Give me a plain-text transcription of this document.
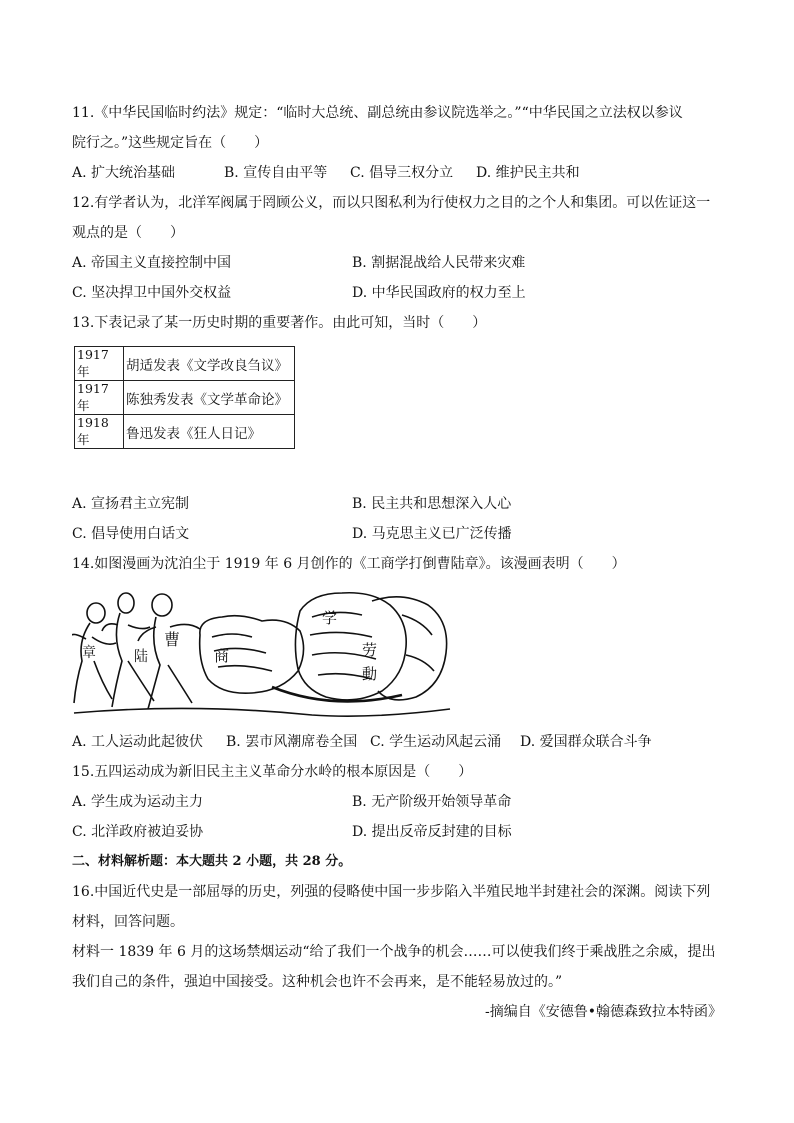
11.《中华民国临时约法》规定：“临时大总统、副总统由参议院选举之。”“中华民国之立法权以参议
院行之。”这些规定旨在（　　）
A. 扩大统治基础	B. 宣传自由平等	C. 倡导三权分立	D. 维护民主共和
12.有学者认为，北洋军阀属于罔顾公义，而以只图私利为行使权力之目的之个人和集团。可以佐证这一
观点的是（　　）
A. 帝国主义直接控制中国	B. 割据混战给人民带来灾难
C. 坚决捍卫中国外交权益	D. 中华民国政府的权力至上
13.下表记录了某一历史时期的重要著作。由此可知，当时（　　）
1917年	胡适发表《文学改良刍议》
1917年	陈独秀发表《文学革命论》
1918年	鲁迅发表《狂人日记》
A. 宣扬君主立宪制	B. 民主共和思想深入人心
C. 倡导使用白话文	D. 马克思主义已广泛传播
14.如图漫画为沈泊尘于 1919 年 6 月创作的《工商学打倒曹陆章》。该漫画表明（　　）
章	陆
曹
商
学
劳
動
A. 工人运动此起彼伏	B. 罢市风潮席卷全国 C. 学生运动风起云涌	D. 爱国群众联合斗争
15.五四运动成为新旧民主主义革命分水岭的根本原因是（　　）
A. 学生成为运动主力	B. 无产阶级开始领导革命
C. 北洋政府被迫妥协	D. 提出反帝反封建的目标
二、材料解析题：本大题共 2 小题，共 28 分。
16.中国近代史是一部屈辱的历史，列强的侵略使中国一步步陷入半殖民地半封建社会的深渊。阅读下列
材料，回答问题。
材料一 1839 年 6 月的这场禁烟运动“给了我们一个战争的机会……可以使我们终于乘战胜之余威，提出
我们自己的条件，强迫中国接受。这种机会也许不会再来，是不能轻易放过的。”
-摘编自《安德鲁•翰德森致拉本特函》
